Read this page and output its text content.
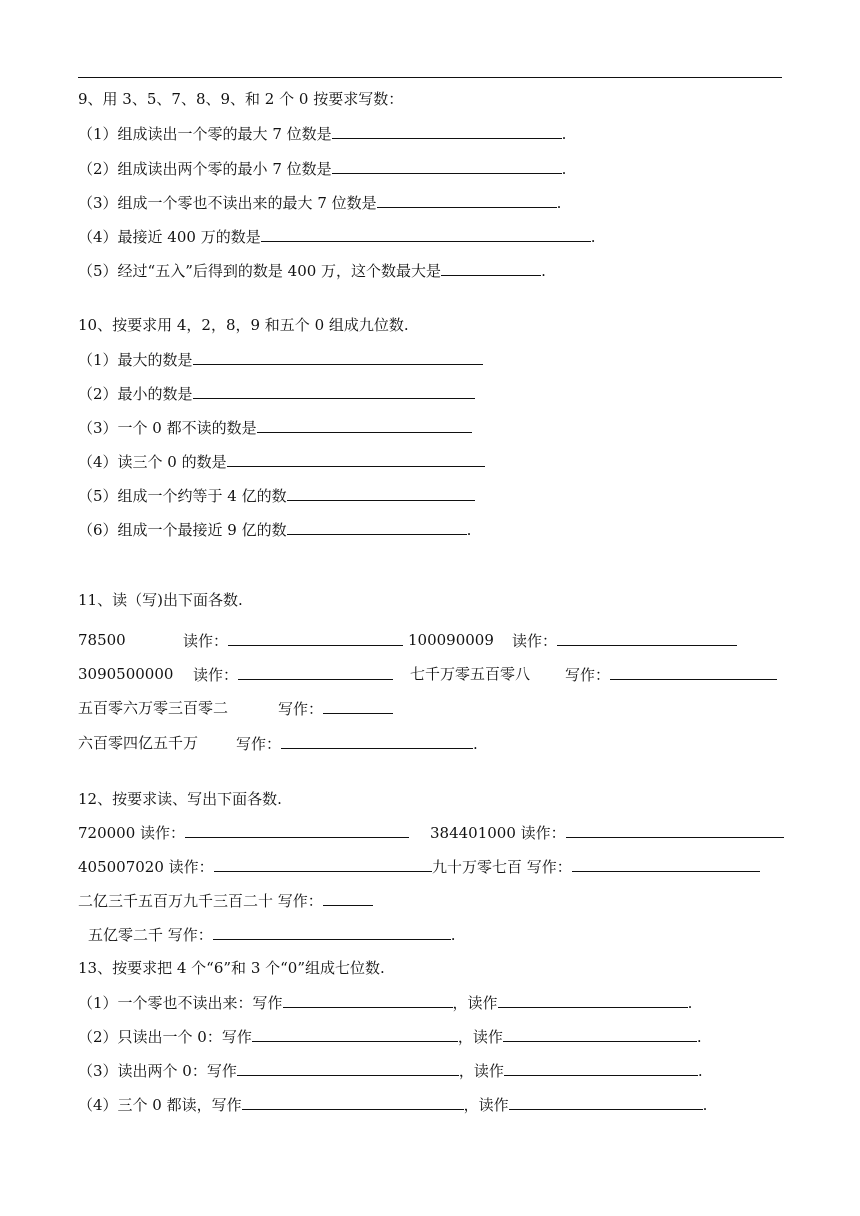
9、用 3、5、7、8、9、和 2 个 0 按要求写数：
（1）组成读出一个零的最大 7 位数是	.
（2）组成读出两个零的最小 7 位数是	.
（3）组成一个零也不读出来的最大 7 位数是	.
（4）最接近 400 万的数是	.
（5）经过“五入”后得到的数是 400 万，这个数最大是	.
10、按要求用 4，2，8，9 和五个 0 组成九位数.
（1）最大的数是
（2）最小的数是
（3）一个 0 都不读的数是
（4）读三个 0 的数是
（5）组成一个约等于 4 亿的数
（6）组成一个最接近 9 亿的数	.
11、读（写)出下面各数.
78500	读作：	100090009 读作：
3090500000 读作：	七千万零五百零八 写作：
五百零六万零三百零二	写作：
六百零四亿五千万	写作：	.
12、按要求读、写出下面各数.
720000 读作：	384401000 读作：
405007020 读作：	九十万零七百 写作：
二亿三千五百万九千三百二十 写作：
五亿零二千 写作：	.
13、按要求把 4 个“6”和 3 个“0”组成七位数.
（1）一个零也不读出来：写作	，读作	.
（2）只读出一个 0：写作	，读作	.
（3）读出两个 0：写作	，读作	.
（4）三个 0 都读，写作	，读作	.
